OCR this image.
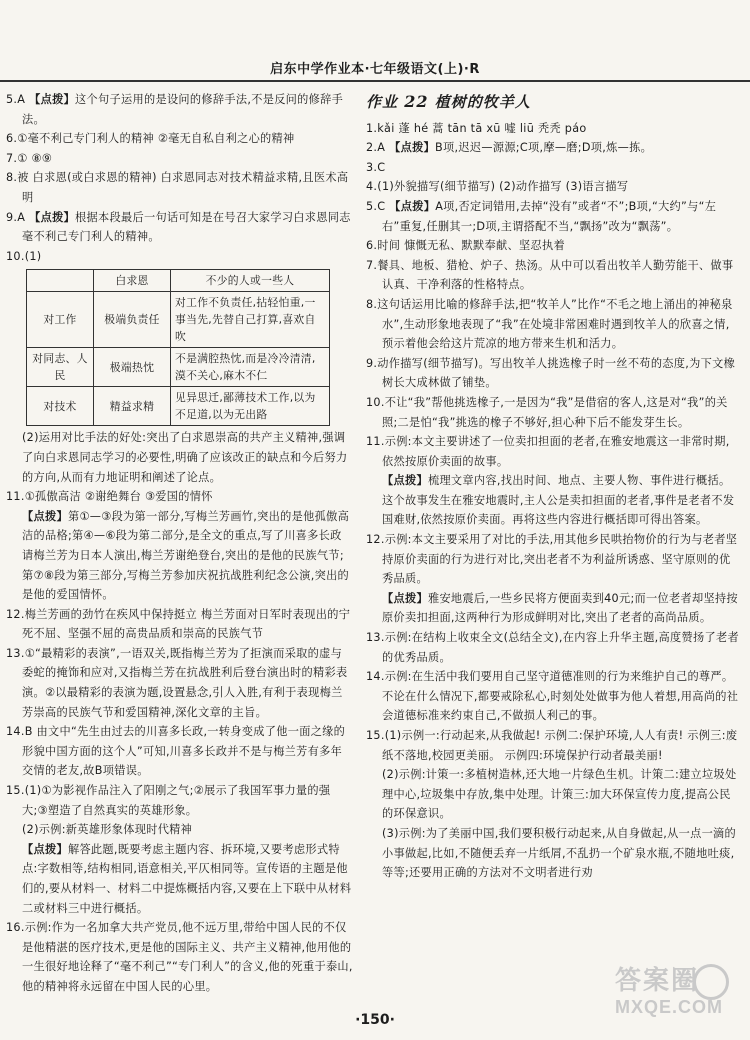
启东中学作业本·七年级语文(上)·R

5.A 【点拨】这个句子运用的是设问的修辞手法,不是反问的修辞手法。

6.①毫不利己专门利人的精神 ②毫无自私自利之心的精神

7.① ⑧⑨

8.被 白求恩(或白求恩的精神) 白求恩同志对技术精益求精,且医术高明

9.A 【点拨】根据本段最后一句话可知是在号召大家学习白求恩同志毫不利己专门利人的精神。

10.(1)

	白求恩	不少的人或一些人
对工作	极端负责任	对工作不负责任,拈轻怕重,一事当先,先替自己打算,喜欢自吹
对同志、人民	极端热忱	不是满腔热忱,而是冷冷清清,漠不关心,麻木不仁
对技术	精益求精	见异思迁,鄙薄技术工作,以为不足道,以为无出路

(2)运用对比手法的好处:突出了白求恩崇高的共产主义精神,强调了向白求恩同志学习的必要性,明确了应该改正的缺点和今后努力的方向,从而有力地证明和阐述了论点。

11.①孤傲高洁 ②谢绝舞台 ③爱国的情怀

【点拨】第①—③段为第一部分,写梅兰芳画竹,突出的是他孤傲高洁的品格;第④—⑥段为第二部分,是全文的重点,写了川喜多长政请梅兰芳为日本人演出,梅兰芳谢绝登台,突出的是他的民族气节;第⑦⑧段为第三部分,写梅兰芳参加庆祝抗战胜利纪念公演,突出的是他的爱国情怀。

12.梅兰芳画的劲竹在疾风中保持挺立 梅兰芳面对日军时表现出的宁死不屈、坚强不屈的高贵品质和崇高的民族气节

13.①“最精彩的表演”,一语双关,既指梅兰芳为了拒演而采取的虚与委蛇的掩饰和应对,又指梅兰芳在抗战胜利后登台演出时的精彩表演。②以最精彩的表演为题,设置悬念,引人入胜,有利于表现梅兰芳崇高的民族气节和爱国精神,深化文章的主旨。

14.B 由文中“先生由过去的川喜多长政,一转身变成了他一面之缘的形貌中国方面的这个人”可知,川喜多长政并不是与梅兰芳有多年交情的老友,故B项错误。

15.(1)①为影视作品注入了阳刚之气;②展示了我国军事力量的强大;③塑造了自然真实的英雄形象。

(2)示例:新英雄形象体现时代精神

【点拨】解答此题,既要考虑主题内容、拆环境,又要考虑形式特点:字数相等,结构相同,语意相关,平仄相同等。宣传语的主题是他们的,要从材料一、材料二中提炼概括内容,又要在上下联中从材料二或材料三中进行概括。

16.示例:作为一名加拿大共产党员,他不远万里,带给中国人民的不仅是他精湛的医疗技术,更是他的国际主义、共产主义精神,他用他的一生很好地诠释了“毫不利己”“专门利人”的含义,他的死重于泰山,他的精神将永远留在中国人民的心里。

作业 22 植树的牧羊人

1.kǎi 蓬 hé 蒿 tān tā xū 嘘 liū 秃秃 páo

2.A 【点拨】B项,迟迟—源源;C项,摩—磨;D项,炼—拣。

3.C

4.(1)外貌描写(细节描写) (2)动作描写 (3)语言描写

5.C 【点拨】A项,否定词错用,去掉“没有”或者“不”;B项,“大约”与“左右”重复,任删其一;D项,主谓搭配不当,“飘扬”改为“飘荡”。

6.时间 慷慨无私、默默奉献、坚忍执着

7.餐具、地板、猎枪、炉子、热汤。从中可以看出牧羊人勤劳能干、做事认真、干净利落的性格特点。

8.这句话运用比喻的修辞手法,把“牧羊人”比作“不毛之地上涌出的神秘泉水”,生动形象地表现了“我”在处境非常困难时遇到牧羊人的欣喜之情,预示着他会给这片荒凉的地方带来生机和活力。

9.动作描写(细节描写)。写出牧羊人挑选橡子时一丝不苟的态度,为下文橡树长大成林做了铺垫。

10.不让“我”帮他挑选橡子,一是因为“我”是借宿的客人,这是对“我”的关照;二是怕“我”挑选的橡子不够好,担心种下后不能发芽生长。

11.示例:本文主要讲述了一位卖扣担面的老者,在雅安地震这一非常时期,依然按原价卖面的故事。

【点拨】梳理文章内容,找出时间、地点、主要人物、事件进行概括。这个故事发生在雅安地震时,主人公是卖扣担面的老者,事件是老者不发国难财,依然按原价卖面。再将这些内容进行概括即可得出答案。

12.示例:本文主要采用了对比的手法,用其他乡民哄抬物价的行为与老者坚持原价卖面的行为进行对比,突出老者不为利益所诱惑、坚守原则的优秀品质。

【点拨】雅安地震后,一些乡民将方便面卖到40元;而一位老者却坚持按原价卖扣担面,这两种行为形成鲜明对比,突出了老者的高尚品质。

13.示例:在结构上收束全文(总结全文),在内容上升华主题,高度赞扬了老者的优秀品质。

14.示例:在生活中我们要用自己坚守道德准则的行为来维护自己的尊严。不论在什么情况下,都要戒除私心,时刻处处做事为他人着想,用高尚的社会道德标准来约束自己,不做损人利己的事。

15.(1)示例一:行动起来,从我做起! 示例二:保护环境,人人有责! 示例三:废纸不落地,校园更美丽。 示例四:环境保护行动者最美丽!

(2)示例:计策一:多植树造林,还大地一片绿色生机。计策二:建立垃圾处理中心,垃圾集中存放,集中处理。计策三:加大环保宣传力度,提高公民的环保意识。

(3)示例:为了美丽中国,我们要积极行动起来,从自身做起,从一点一滴的小事做起,比如,不随便丢弃一片纸屑,不乱扔一个矿泉水瓶,不随地吐痰,等等;还要用正确的方法对不文明者进行劝

·150·
答案圈
MXQE.COM
